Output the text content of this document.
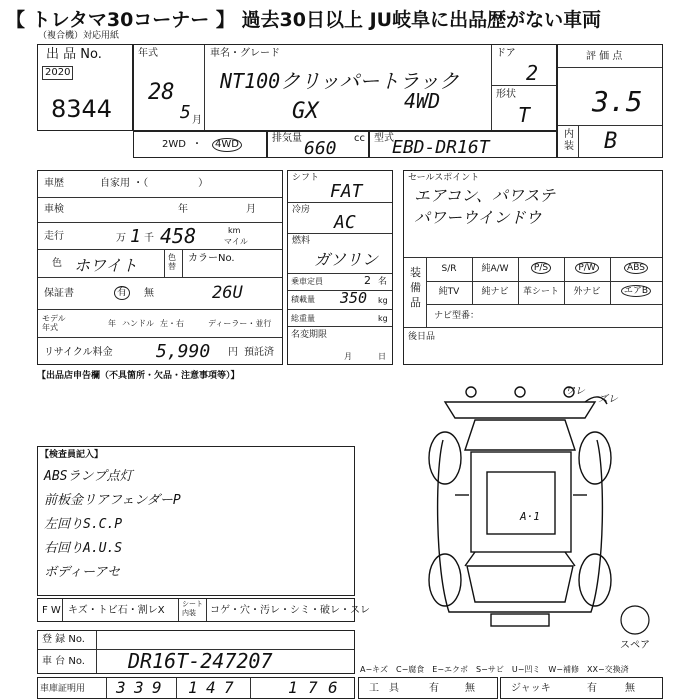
【 トレタマ30コーナー 】 過去30日以上 JU岐阜に出品歴がない車両
（複合機）対応用紙
出 品 No.
2020
8344
年式
28
5 月
車名・グレード
NT100クリッパートラック
GX	4WD
ドア
2
形状
T
評 価 点
3.5
内装 B
2WD ・	4WD
排気量	cc
660	型式
EBD-DR16T
車歴	自家用 ・（　　　　　）
車検	年	月
走行	万 1 千 458	km
マイル
色 ホワイト	色替
カラーNo.
保証書	有	無	26U
モデル年式	年 ハンドル 左・右	ディーラー・並行
リサイクル料金 5,990 円 預託済
シフト
FAT
冷房
AC
燃料
ガソリン
乗車定員	2 名
積載量 350 kg
総重量	kg
名変期限
月	日
セールスポイント
エアコン、パワステ
パワーウインドウ
装備品
S/R	純A/W	P/S	P/W	ABS
純TV	純ナビ	革シート	外ナビ	エアB
ナビ型番：
後日品
【出品店申告欄（不具箇所・欠品・注意事項等）】
【検査員記入】
ABSランプ点灯
前板金リアフェンダーP
左回りS.C.P
右回りA.U.S
ボディーアセ
ワレ
ズレ
A·1
スペア
F W キズ・トビ石・割レX
シート内装	コゲ・穴・汚レ・シミ・破レ・スレ
登 録 No.
車 台 No. DR16T-247207	A−キズ　C−腐食　E−エクボ　S−サビ　U−凹ミ　W−補修　XX−交換済
車庫証明用 3 3 9 1 4 7	1 7 6	工　具	有	無	ジャッキ	有	無
